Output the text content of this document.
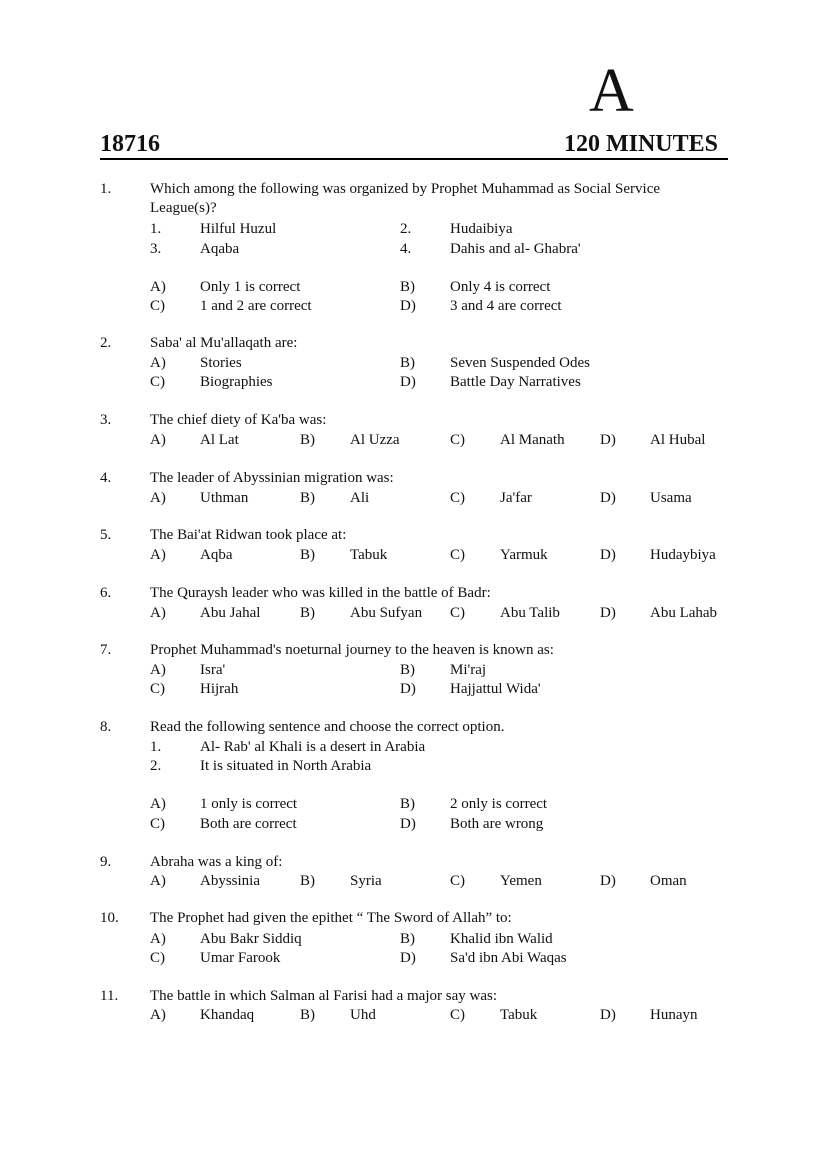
A
18716	120 MINUTES
1.	Which among the following was organized by Prophet Muhammad as Social Service
League(s)?
1.	Hilful Huzul	2.	Hudaibiya
3.	Aqaba	4.	Dahis and al- Ghabra'
A) Only 1 is correct	B) Only 4 is correct
C) 1 and 2 are correct	D) 3 and 4 are correct
2.	Saba' al Mu'allaqath are:
A) Stories	B) Seven Suspended Odes
C) Biographies	D) Battle Day Narratives
3.	The chief diety of Ka'ba was:
A) Al Lat	B) Al Uzza	C) Al Manath D) Al Hubal
4.	The leader of Abyssinian migration was:
A) Uthman	B) Ali	C) Ja'far	D) Usama
5.	The Bai'at Ridwan took place at:
A) Aqba	B) Tabuk	C) Yarmuk	D) Hudaybiya
6.	The Quraysh leader who was killed in the battle of Badr:
A) Abu Jahal	B) Abu Sufyan C) Abu Talib	D) Abu Lahab
7.	Prophet Muhammad's noeturnal journey to the heaven is known as:
A) Isra'	B) Mi'raj
C) Hijrah	D) Hajjattul Wida'
8.	Read the following sentence and choose the correct option.
1.	Al- Rab' al Khali is a desert in Arabia
2.	It is situated in North Arabia
A) 1 only is correct	B) 2 only is correct
C) Both are correct	D) Both are wrong
9.	Abraha was a king of:
A) Abyssinia	B) Syria	C) Yemen	D) Oman
10. The Prophet had given the epithet “ The Sword of Allah” to:
A) Abu Bakr Siddiq	B) Khalid ibn Walid
C) Umar Farook	D) Sa'd ibn Abi Waqas
11. The battle in which Salman al Farisi had a major say was:
A) Khandaq	B) Uhd	C) Tabuk	D) Hunayn
